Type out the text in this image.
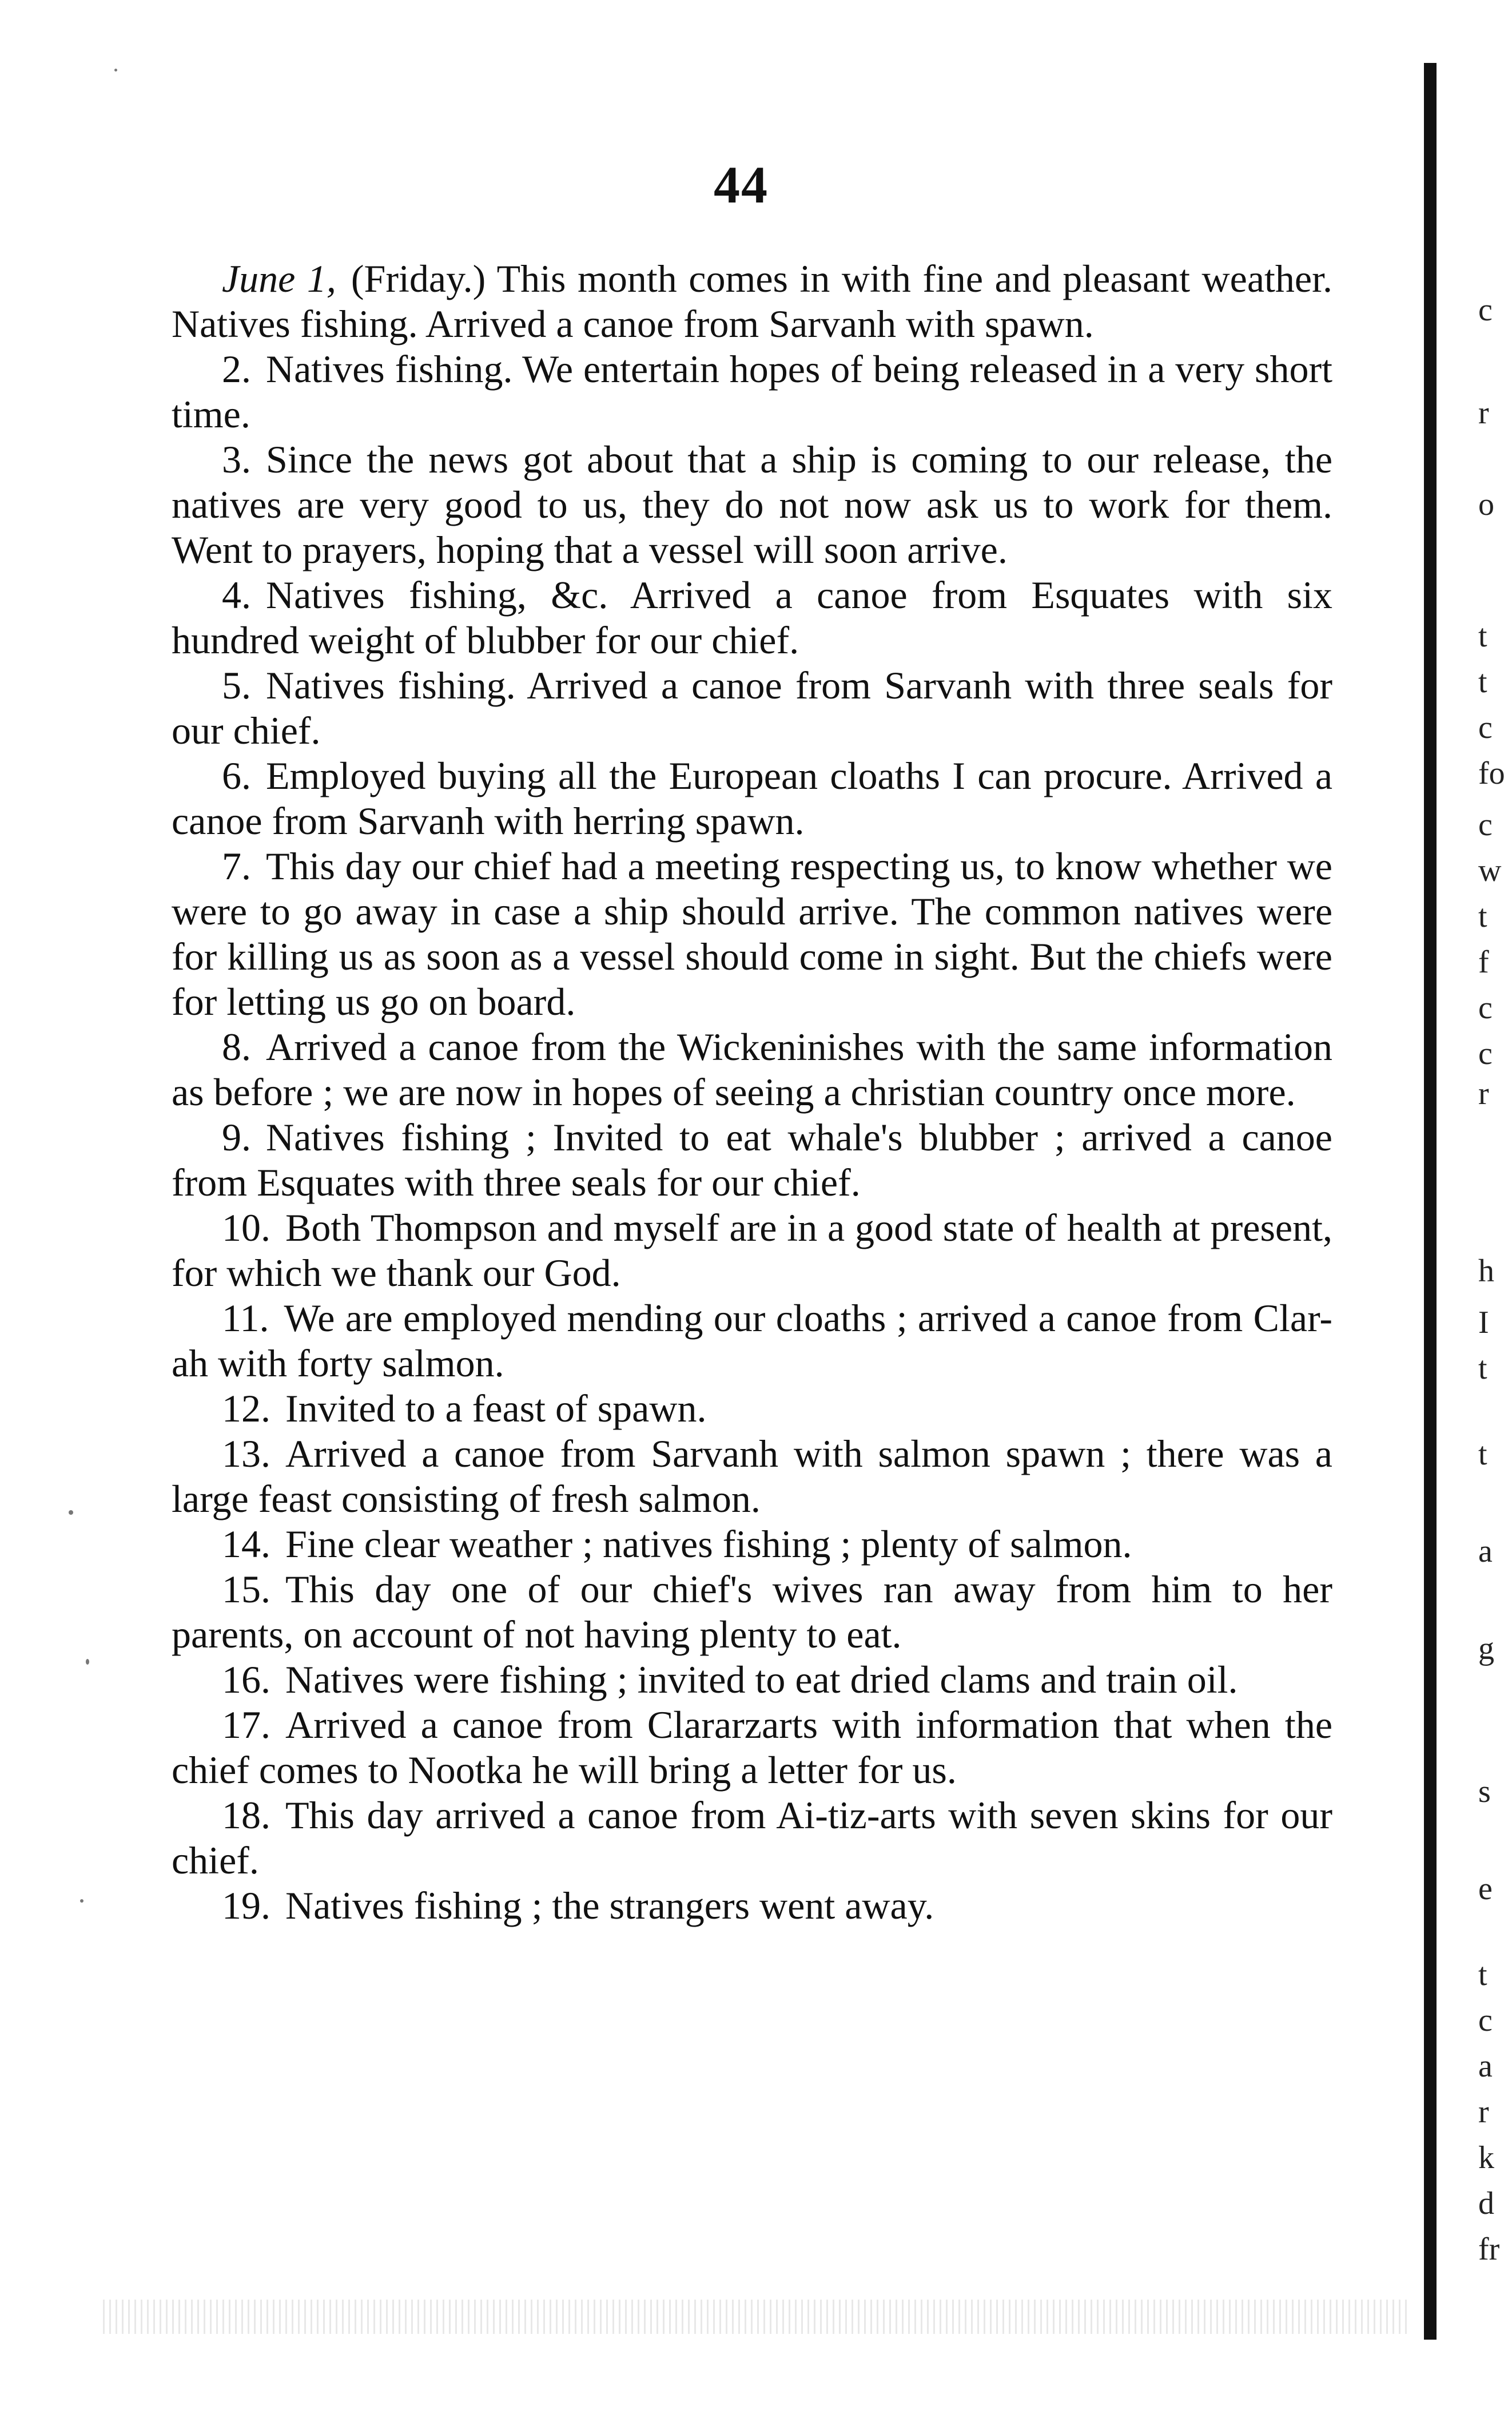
44

June 1, (Friday.) This month comes in with fine and pleasant weather. Natives fishing. Arrived a canoe from Sarvanh with spawn.

2. Natives fishing. We entertain hopes of being released in a very short time.

3. Since the news got about that a ship is coming to our release, the natives are very good to us, they do not now ask us to work for them. Went to prayers, hoping that a vessel will soon arrive.

4. Natives fishing, &c. Arrived a canoe from Esquates with six hundred weight of blubber for our chief.

5. Natives fishing. Arrived a canoe from Sarvanh with three seals for our chief.

6. Employed buying all the European cloaths I can procure. Arrived a canoe from Sarvanh with herring spawn.

7. This day our chief had a meeting respecting us, to know whether we were to go away in case a ship should arrive. The common natives were for killing us as soon as a vessel should come in sight. But the chiefs were for letting us go on board.

8. Arrived a canoe from the Wickeninishes with the same information as before ; we are now in hopes of seeing a christian country once more.

9. Natives fishing ; Invited to eat whale's blubber ; arrived a canoe from Esquates with three seals for our chief.

10. Both Thompson and myself are in a good state of health at present, for which we thank our God.

11. We are employed mending our cloaths ; arrived a canoe from Clar-ah with forty salmon.

12. Invited to a feast of spawn.

13. Arrived a canoe from Sarvanh with salmon spawn ; there was a large feast consisting of fresh salmon.

14. Fine clear weather ; natives fishing ; plenty of salmon.

15. This day one of our chief's wives ran away from him to her parents, on account of not having plenty to eat.

16. Natives were fishing ; invited to eat dried clams and train oil.

17. Arrived a canoe from Clararzarts with information that when the chief comes to Nootka he will bring a letter for us.

18. This day arrived a canoe from Ai-tiz-arts with seven skins for our chief.

19. Natives fishing ; the strangers went away.

c
r
o
t
t
c
fo
c
w
t
f
c
c
r
h
I
t
t
a
g
s
e
t
c
a
r
k
d
fr
